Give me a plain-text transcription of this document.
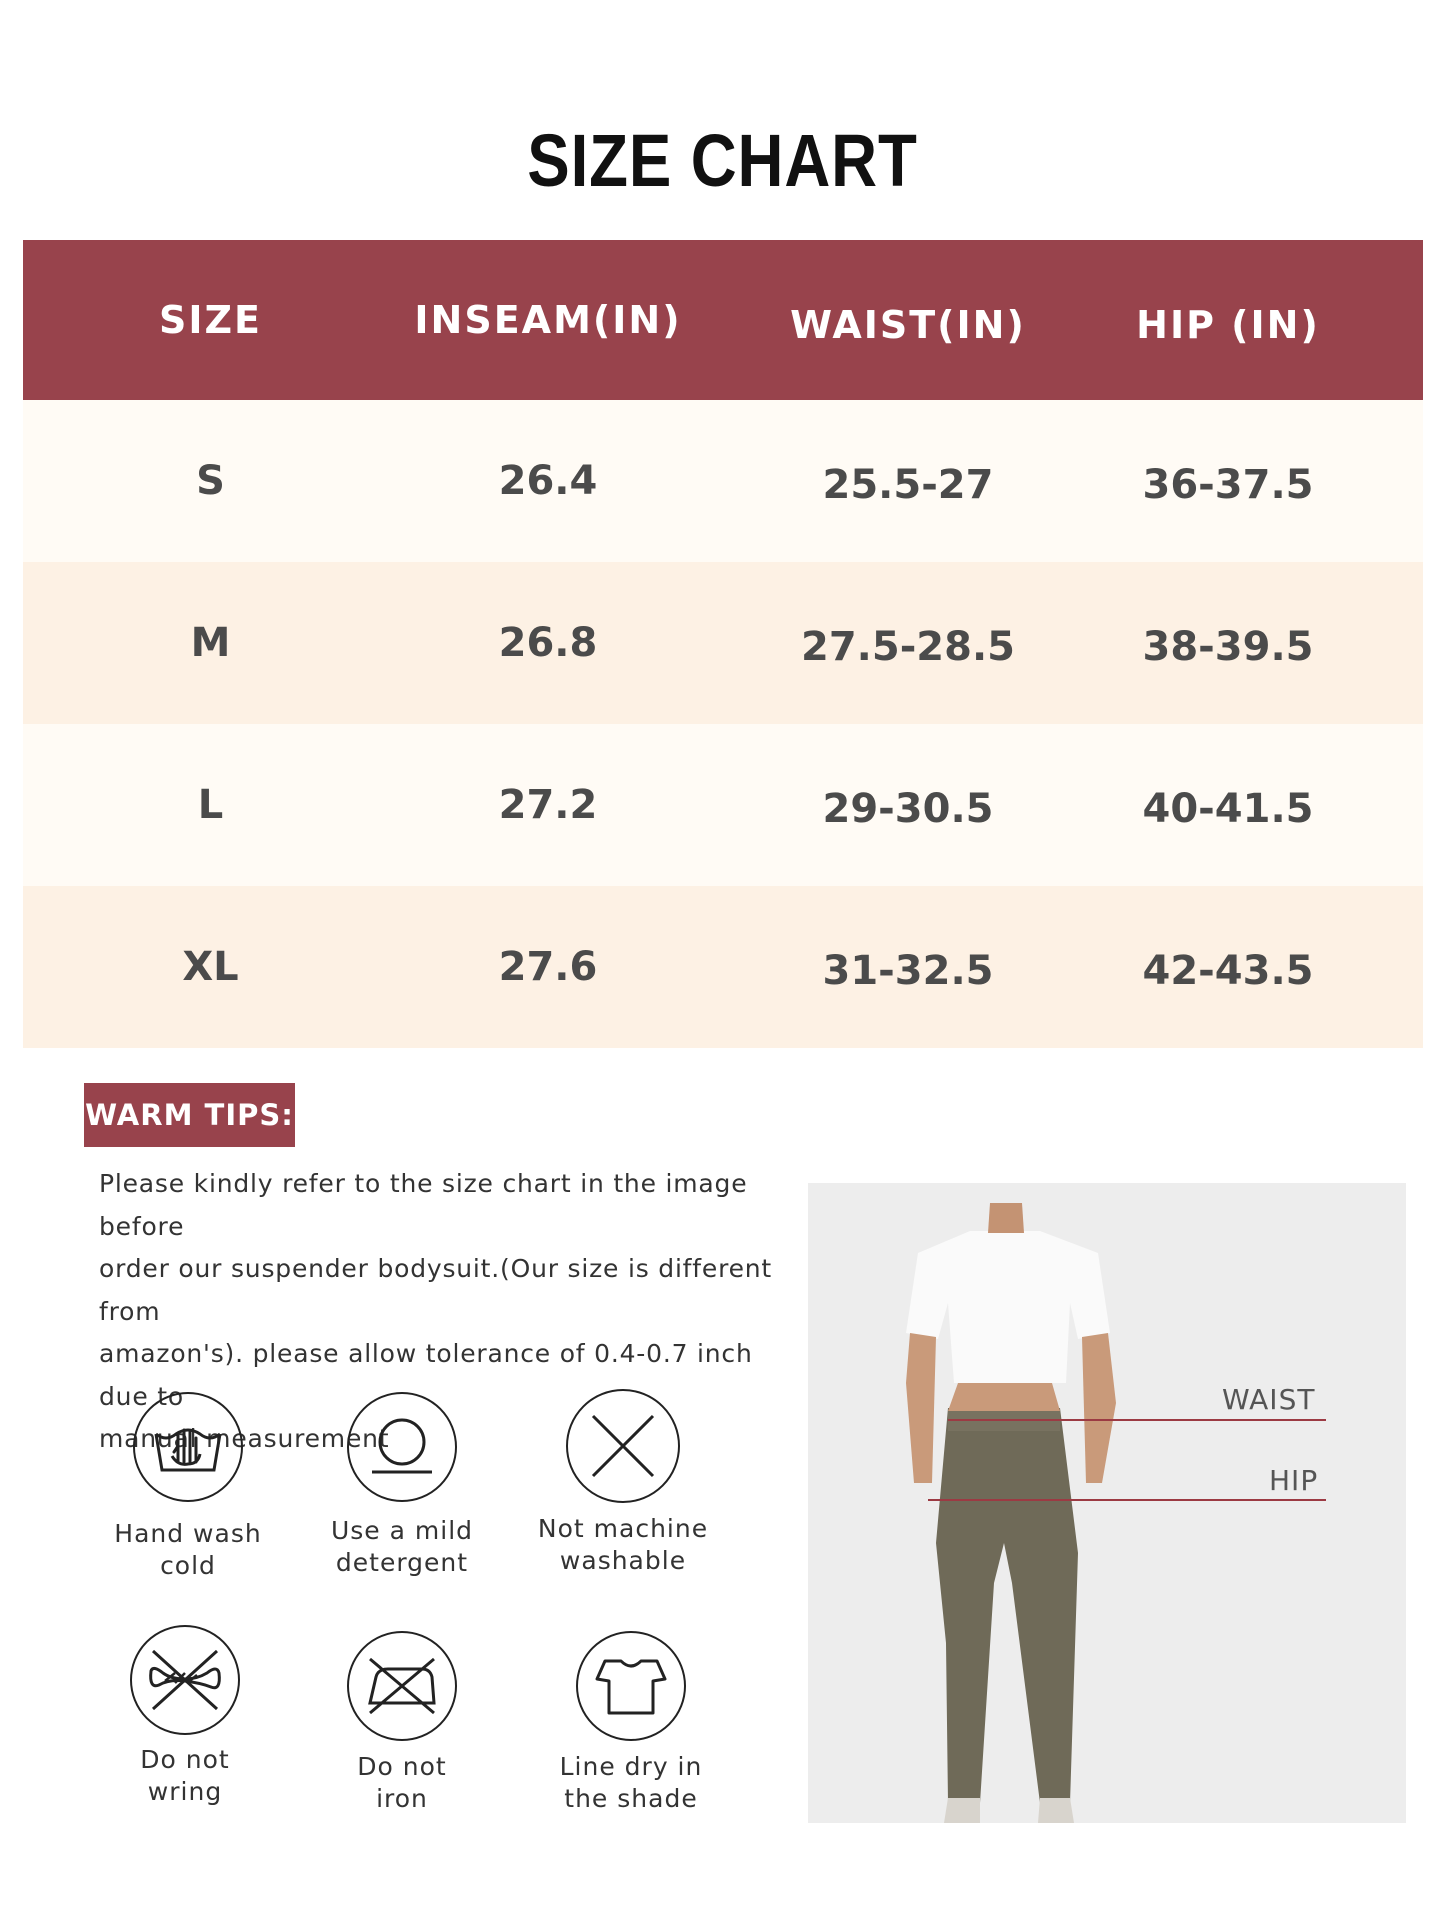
SIZE CHART
SIZE	INSEAM(IN)	WAIST(IN)	HIP (IN)
S	26.4	25.5-27	36-37.5
M	26.8	27.5-28.5	38-39.5
L	27.2	29-30.5	40-41.5
XL	27.6	31-32.5	42-43.5
WARM TIPS:
Please kindly refer to the size chart in the image before
order our suspender bodysuit.(Our size is different from
amazon's). please allow tolerance of 0.4-0.7 inch due to
manual measurement
Hand wash
cold
Use a mild
detergent
Not machine
washable
Do not
wring
Do not
iron
Line dry in
the shade
WAIST
HIP
